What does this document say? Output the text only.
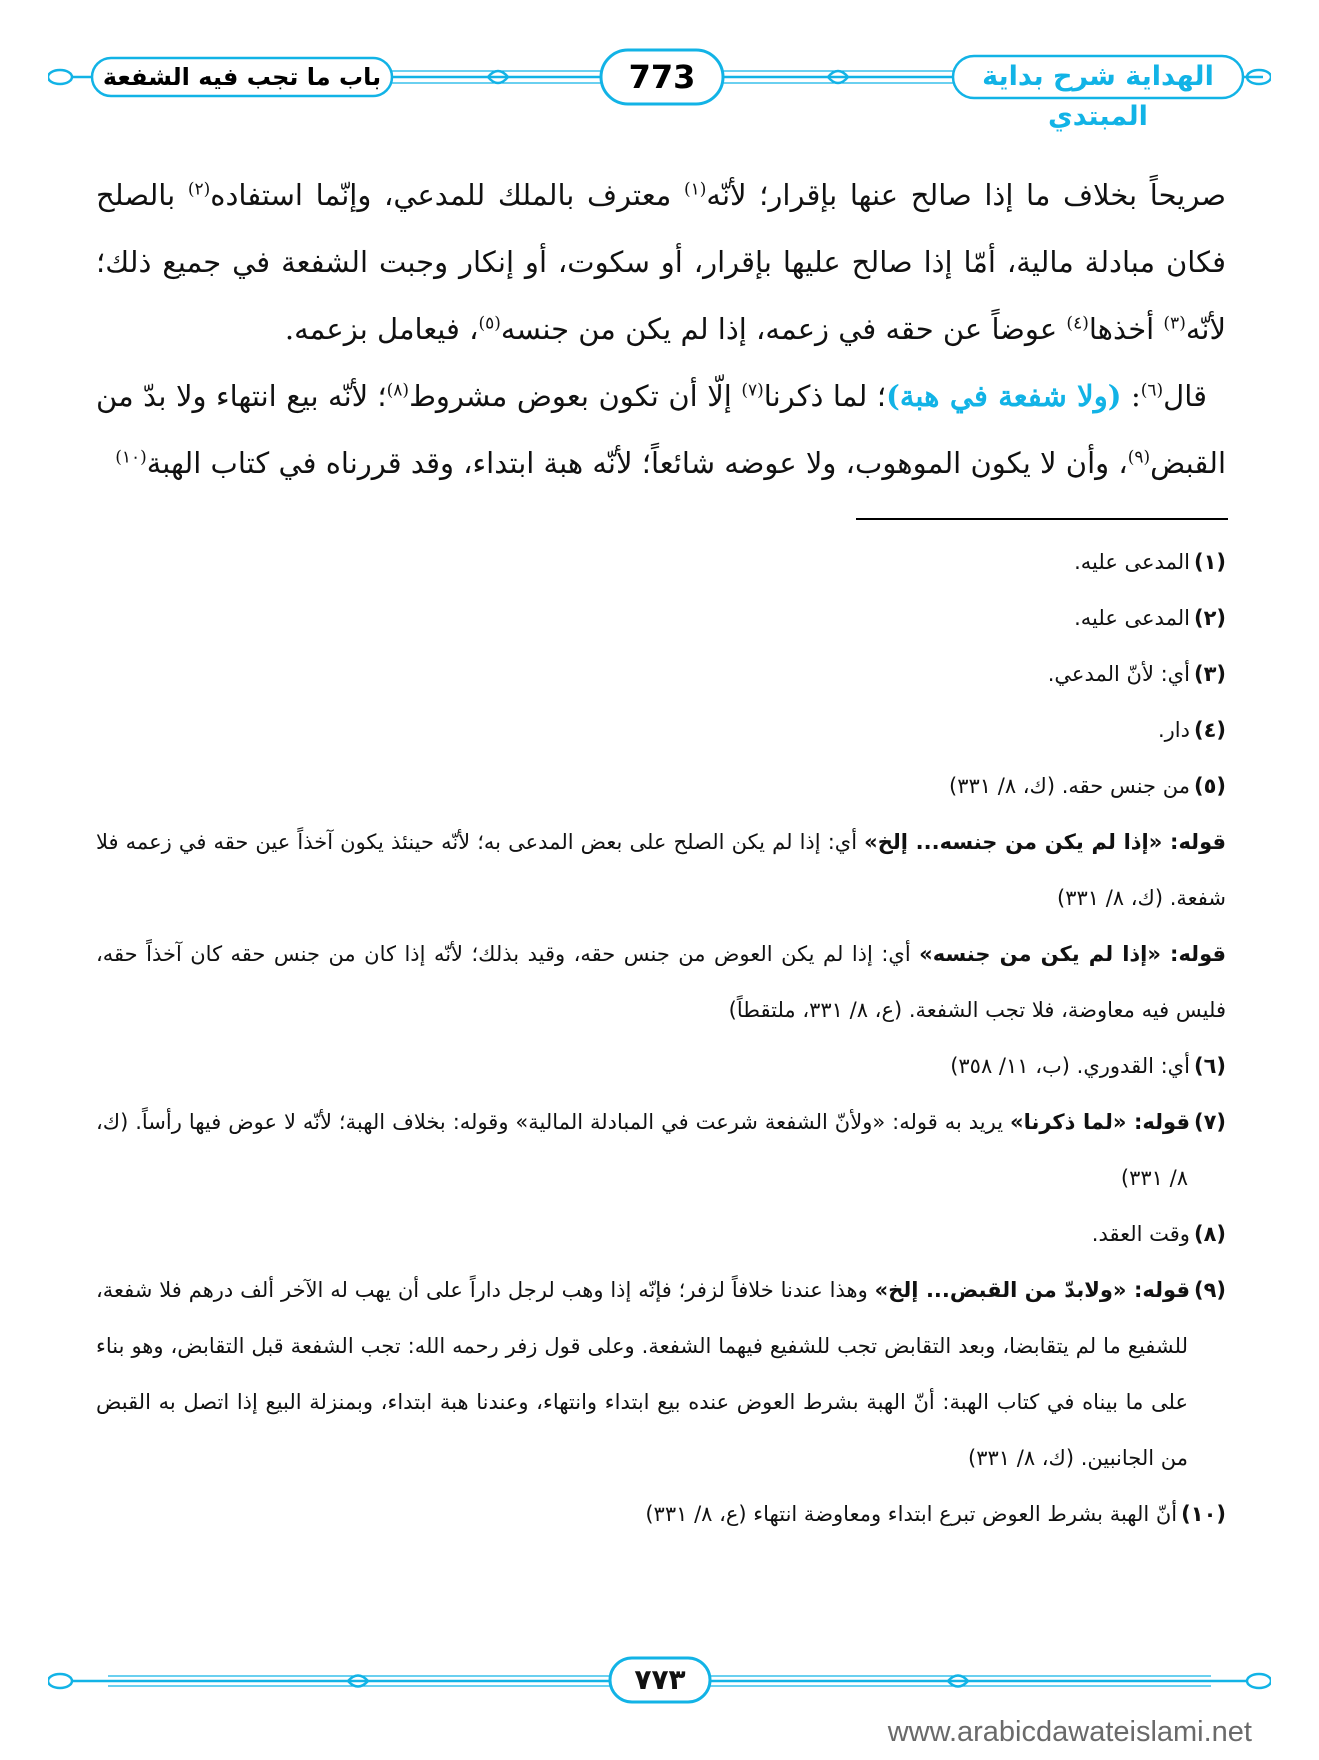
الهداية شرح بداية المبتدي
773
باب ما تجب فيه الشفعة

صريحاً بخلاف ما إذا صالح عنها بإقرار؛ لأنّه$^{(١)}$ معترف بالملك للمدعي، وإنّما استفاده$^{(٢)}$ بالصلح فكان مبادلة مالية، أمّا إذا صالح عليها بإقرار، أو سكوت، أو إنكار وجبت الشفعة في جميع ذلك؛ لأنّه$^{(٣)}$ أخذها$^{(٤)}$ عوضاً عن حقه في زعمه، إذا لم يكن من جنسه$^{(٥)}$، فيعامل بزعمه.

قال$^{(٦)}$: (ولا شفعة في هبة)؛ لما ذكرنا$^{(٧)}$ إلّا أن تكون بعوض مشروط$^{(٨)}$؛ لأنّه بيع انتهاء ولا بدّ من القبض$^{(٩)}$، وأن لا يكون الموهوب، ولا عوضه شائعاً؛ لأنّه هبة ابتداء، وقد قررناه في كتاب الهبة$^{(١٠)}$

(١)المدعى عليه.

(٢)المدعى عليه.

(٣)أي: لأنّ المدعي.

(٤)دار.

(٥)من جنس حقه. (ك، ٨/ ٣٣١)

قوله: «إذا لم يكن من جنسه... إلخ» أي: إذا لم يكن الصلح على بعض المدعى به؛ لأنّه حينئذ يكون آخذاً عين حقه في زعمه فلا شفعة. (ك، ٨/ ٣٣١)

قوله: «إذا لم يكن من جنسه» أي: إذا لم يكن العوض من جنس حقه، وقيد بذلك؛ لأنّه إذا كان من جنس حقه كان آخذاً حقه، فليس فيه معاوضة، فلا تجب الشفعة. (ع، ٨/ ٣٣١، ملتقطاً)

(٦)أي: القدوري. (ب، ١١/ ٣٥٨)

(٧)قوله: «لما ذكرنا» يريد به قوله: «ولأنّ الشفعة شرعت في المبادلة المالية» وقوله: بخلاف الهبة؛ لأنّه لا عوض فيها رأساً. (ك، ٨/ ٣٣١)

(٨)وقت العقد.

(٩)قوله: «ولابدّ من القبض... إلخ» وهذا عندنا خلافاً لزفر؛ فإنّه إذا وهب لرجل داراً على أن يهب له الآخر ألف درهم فلا شفعة، للشفيع ما لم يتقابضا، وبعد التقابض تجب للشفيع فيهما الشفعة. وعلى قول زفر رحمه الله: تجب الشفعة قبل التقابض، وهو بناء على ما بيناه في كتاب الهبة: أنّ الهبة بشرط العوض عنده بيع ابتداء وانتهاء، وعندنا هبة ابتداء، وبمنزلة البيع إذا اتصل به القبض من الجانبين. (ك، ٨/ ٣٣١)

(١٠)أنّ الهبة بشرط العوض تبرع ابتداء ومعاوضة انتهاء (ع، ٨/ ٣٣١)

٧٧٣
www.arabicdawateislami.net
